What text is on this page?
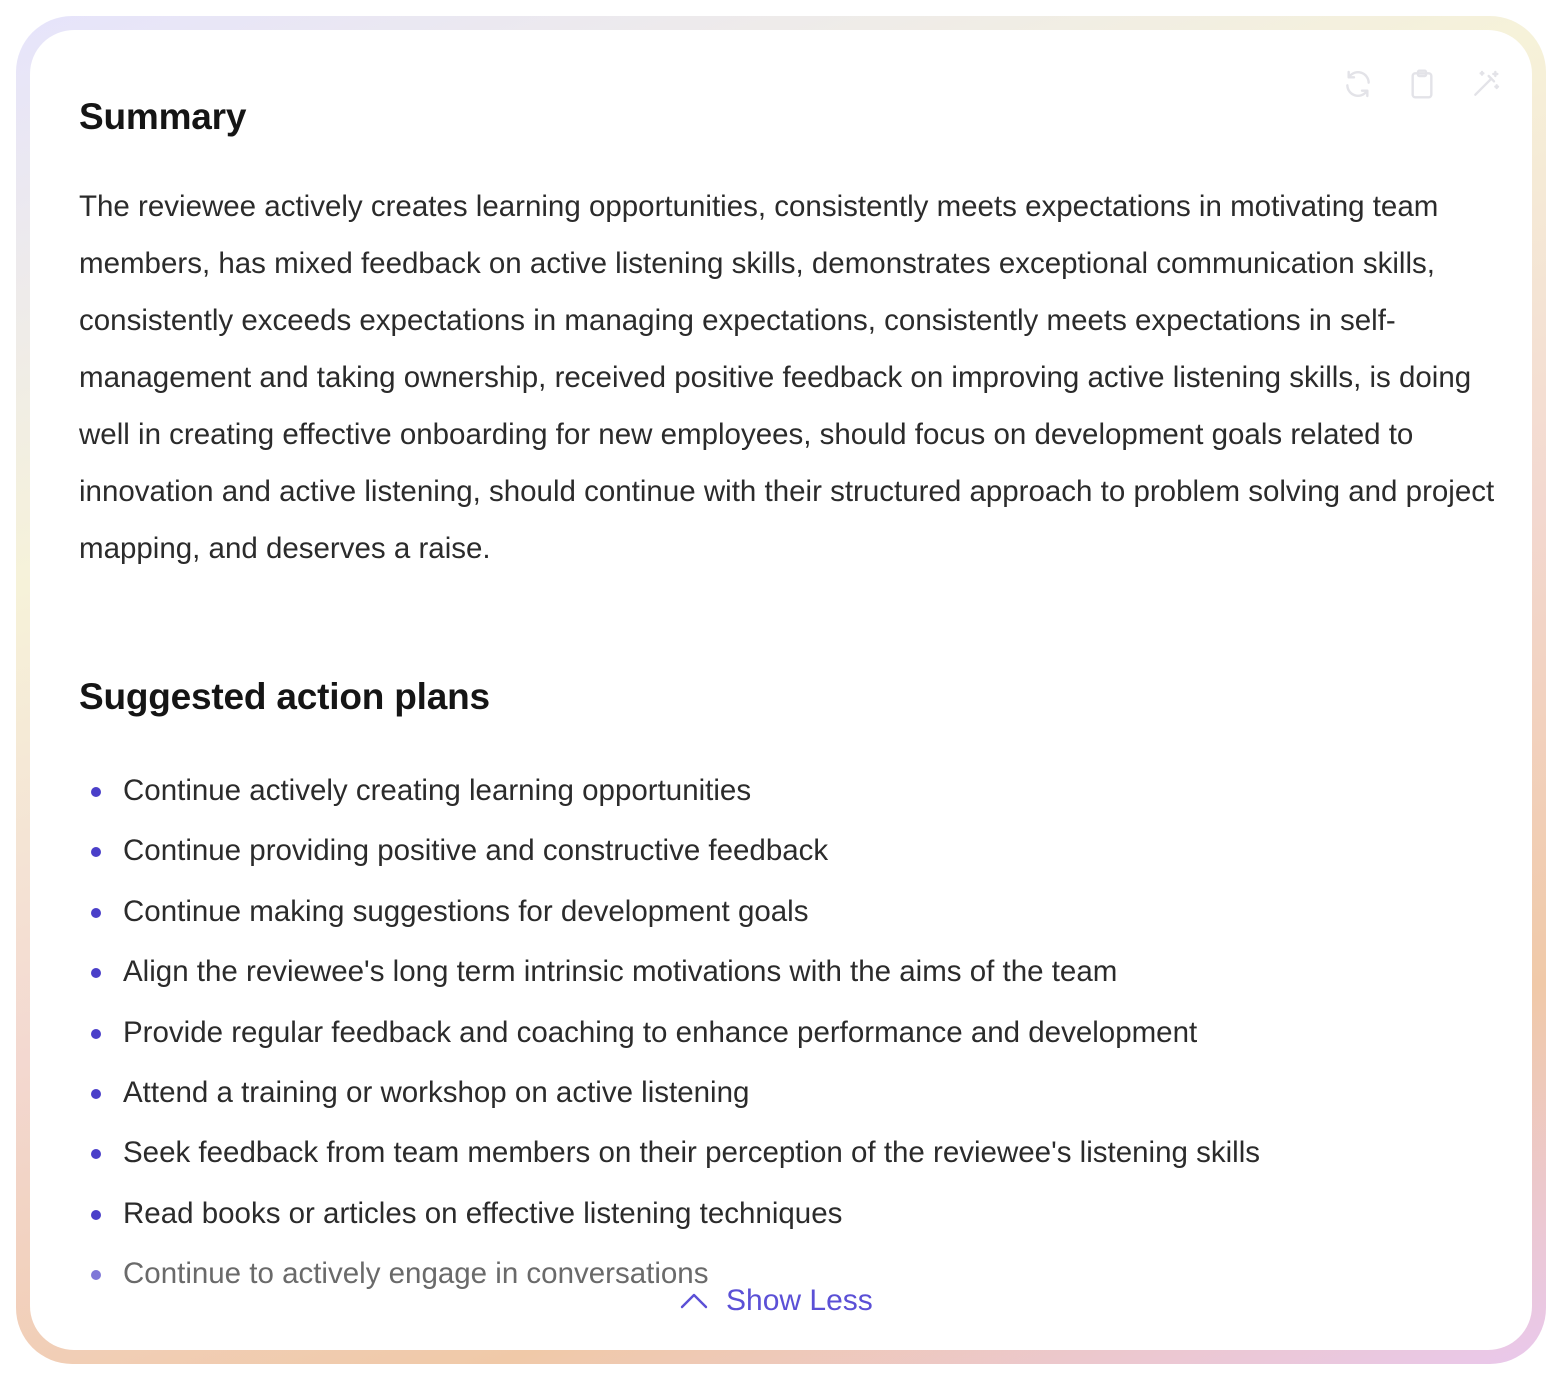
Summary

The reviewee actively creates learning opportunities, consistently meets expectations in motivating team members, has mixed feedback on active listening skills, demonstrates exceptional communication skills, consistently exceeds expectations in managing expectations, consistently meets expectations in self-management and taking ownership, received positive feedback on improving active listening skills, is doing well in creating effective onboarding for new employees, should focus on development goals related to innovation and active listening, should continue with their structured approach to problem solving and project mapping, and deserves a raise.

Suggested action plans
Continue actively creating learning opportunities
Continue providing positive and constructive feedback
Continue making suggestions for development goals
Align the reviewee's long term intrinsic motivations with the aims of the team
Provide regular feedback and coaching to enhance performance and development
Attend a training or workshop on active listening
Seek feedback from team members on their perception of the reviewee's listening skills
Read books or articles on effective listening techniques
Continue to actively engage in conversations
Show Less
